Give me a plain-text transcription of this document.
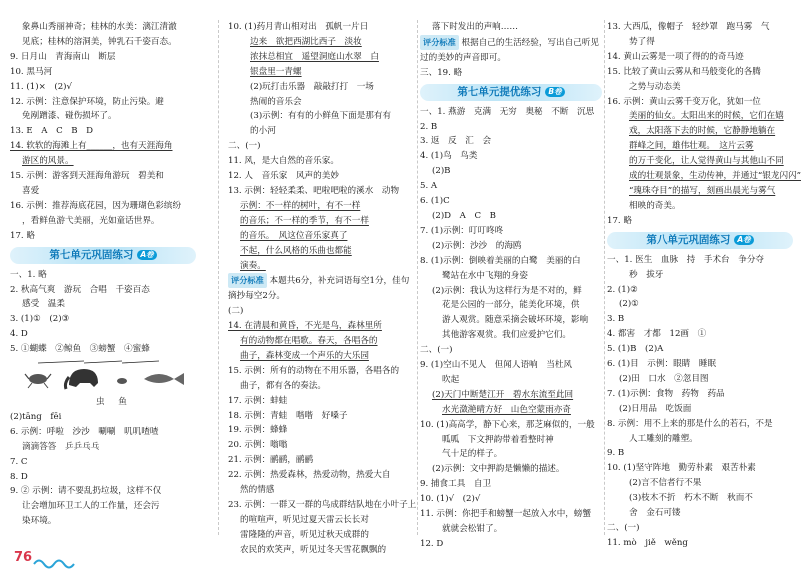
象鼻山秀丽神奇；桂林的水美：漓江清澈
见底；桂林的溶洞美，钟乳石千姿百态。
9. 日月山　青海南山　断层
10. 黑马河
11. (1)×　(2)√
12. 示例：注意保护环境，防止污染。避
免剐蹭漆、碰伤损坏了。
13. E　A　C　B　D
14. 软软的海滩上有______，也有天涯海角
游区的风景。
15. 示例：游客到天涯海角游玩　碧美和
喜爱
16. 示例：推荐海底花园，因为珊瑚色彩缤纷
，看鲜鱼游弋美丽，光如童话世界。
17. 略
第七单元巩固练习 A卷
一、1. 略
2. 秋高气爽　游玩　合唱　千姿百态
感受　温柔
3. (1)①　(2)③
4. D
5. ①蝴蝶　②鲸鱼　③螃蟹　④蜜蜂
虫 鱼
(2)tāng　fēi
6. 示例：呼啦　沙沙　唰唰　叽叽喳喳
滴滴答答　乒乒乓乓
7. C
8. D
9. ② 示例：请不要乱扔垃圾，这样不仅
让会增加环卫工人的工作量，还会污
染环境。
10. (1)药月青山相对出　孤帆一片日
边来　欲把西湖比西子　淡妆
浓抹总相宜　遥望洞庭山水翠　白
银盘里一青螺
(2)玩打击乐器　敲敲打打　一场
热闹的音乐会
(3)示例：有有的小鲜鱼下面是那有有
的小河
二、(一)
11. 风，是大自然的音乐家。
12. 人　音乐家　风声的美妙
13. 示例：轻轻柔柔、吧啦吧啦的溪水　动物
示例：不一样的树叶，有不一样
的音乐；不一样的季节，有不一样
的音乐。　风这位音乐家真了
不起，什么风格的乐曲也都能
演奏。
评分标准 本题共6分，补充词语每空1分，佳句摘抄每空2分。
(二)
14. 在清晨和黄昏，不光是鸟，森林里所
有的动物都在唱歌。春天，各唱各的
曲子，森林变成一个声乐的大乐园
15. 示例：所有的动物在不用乐器，各唱各的
曲子，都有各的奏法。
17. 示例：蚌蛙
18. 示例：青蛙　喈喈　好嗓子
19. 示例：蜂蜂
20. 示例：嗡嗡
21. 示例：鹂鹂，鹂鹂
22. 示例：热爱森林，热爱动物，热爱大自
然的情感
23. 示例：一群又一群的鸟成群结队地在小叶子上
的喧喧声，听见过夏天雷云长长对
雷隆隆的声音，听见过秋天成群的
农民的欢笑声，听见过冬天雪花飘飘的
落下时发出的声响……
评分标准 根据自己的生活经验，写出自己听见过的美妙的声音即可。
三、19. 略
第七单元提优练习 B卷
一、1. 燕游　克满　无穷　奥秘　不断　沉思
2. B
3. 返　反　汇　会
4. (1)鸟　鸟类
(2)B
5. A
6. (1)C
(2)D　A　C　B
7. (1)示例：叮叮咚咚
(2)示例：沙沙　的海鸥
8. (1)示例：倒映着美丽的白鹭　美丽的白
鹭站在水中飞翔的身姿
(2)示例：我认为这样行为是不对的，鲜
花是公园的一部分，能美化环境，供
游人观赏。随意采摘会破坏环境，影响
其他游客观赏。我们应爱护它们。
二、(一)
9. (1)空山不见人　但闻人语响　当杜风
吹起
(2)天门中断楚江开　碧水东流至此回
水光潋滟晴方好　山色空蒙雨亦奇
10. (1)高高学，静下心来，那芝麻似的，一般
呱呱　下文押韵带着看整时神
气十足的样子。
(2)示例：文中押韵是懒懒的描述。
9. 捕食工具　自卫
10. (1)√　(2)√
11. 示例：你把手和螃蟹一起放入水中，螃蟹
就就会松钳了。
12. D
13. 大西瓜，像帽子　轻纱罩　跑马雾　气
势了得
14. 黄山云雾是一项了得的的奇马迹
15. 比较了黄山云雾从和马般变化的各腾
之势与动态美
16. 示例：黄山云雾千变万化，犹如一位
美丽的仙女。太阳出来的时候，它们在嬉
戏，太阳落下去的时候，它静静地躺在
群峰之间，雄伟壮观。　这片云雾
的万千变化，让人觉得黄山与其他山不同
成的壮观景象，生动传神，并通过“银龙闪闪”
“瑰珠夺目”的描写，刻画出晨光与雾气
相映的奇美。
17. 略
第八单元巩固练习 A卷
一、1. 医生　血脉　持　手术台　争分夺
秒　拔牙
2. (1)②
(2)①
3. B
4. 都害　才都　12画　①
5. (1)B　(2)A
6. (1)目　示例：眼睛　睡眠
(2)田　口水　②忽目图
7. (1)示例：食物　药物　药品
(2)日用品　吃饭面
8. 示例：用不上来的那是什么的若石，不是
人工雕刻的雕塑。
9. B
10. (1)坚守阵地　勤劳朴素　艰苦朴素
(2)言不信者行不果
(3)枝木不折　朽木不断　秋而不
舍　金石可镂
二、(一)
11. mò　jiě　wěng
76
